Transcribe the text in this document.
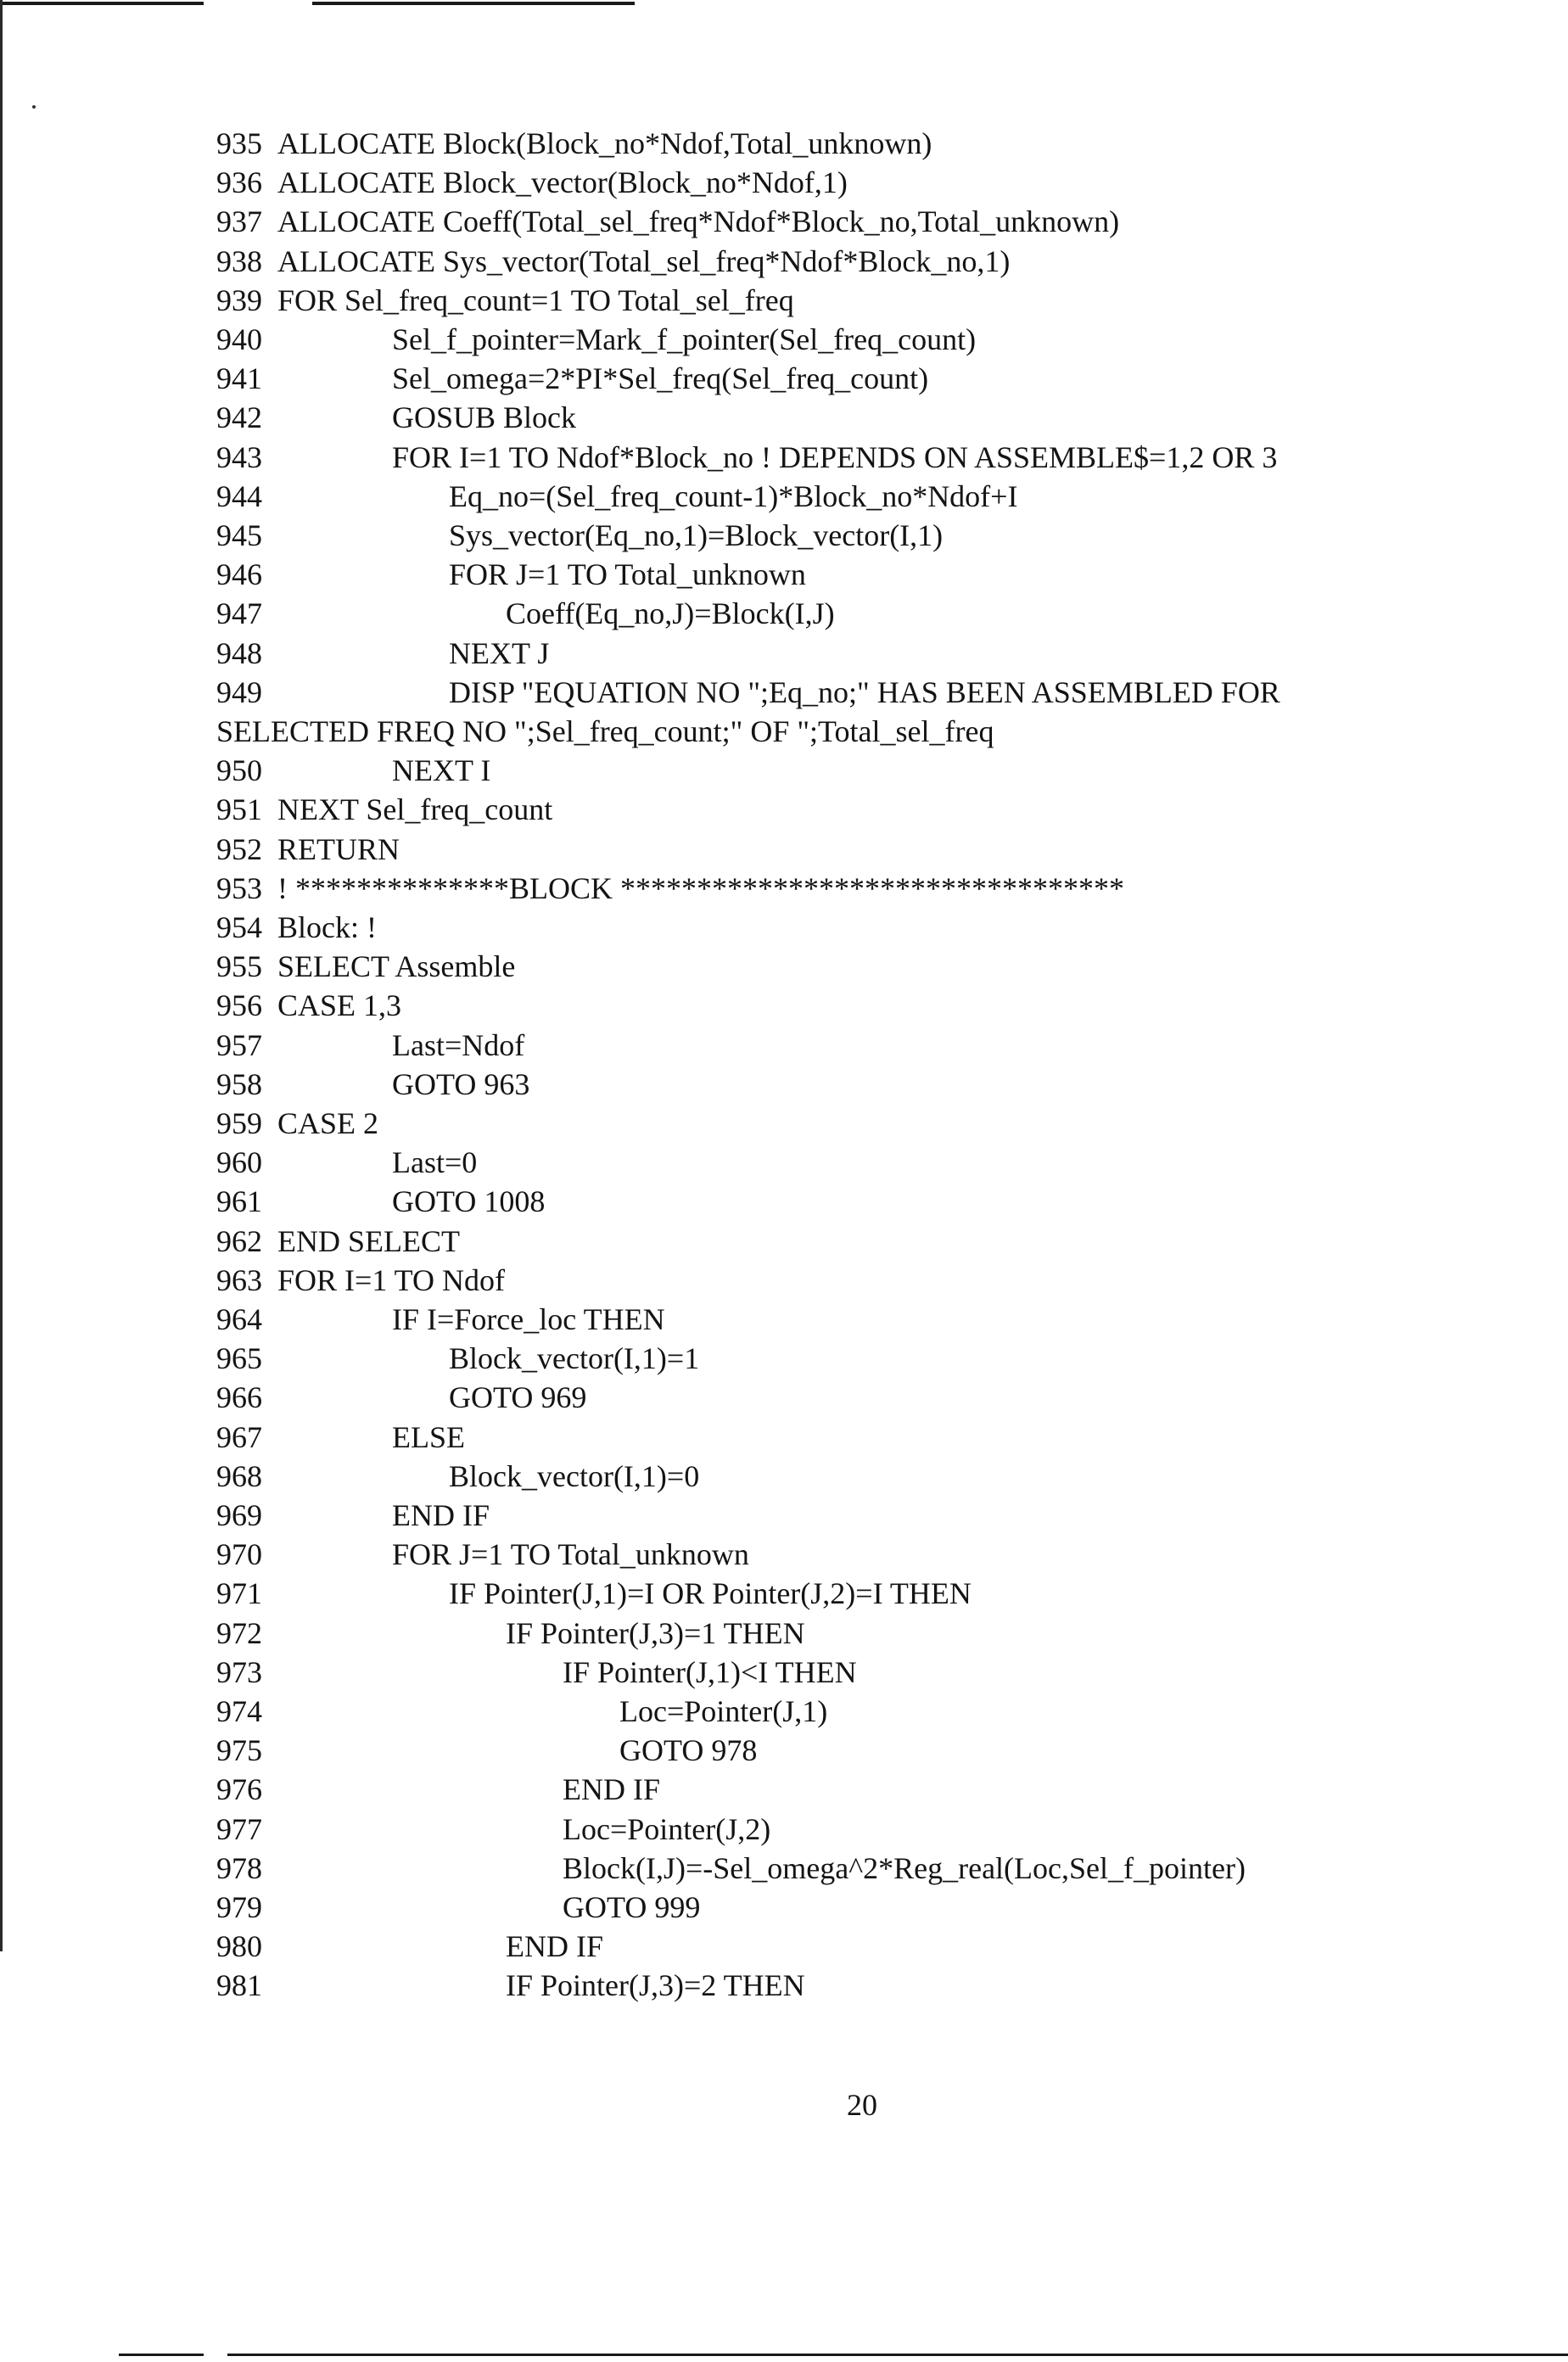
935 ALLOCATE Block(Block_no*Ndof,Total_unknown)
936 ALLOCATE Block_vector(Block_no*Ndof,1)
937 ALLOCATE Coeff(Total_sel_freq*Ndof*Block_no,Total_unknown)
938 ALLOCATE Sys_vector(Total_sel_freq*Ndof*Block_no,1)
939 FOR Sel_freq_count=1 TO Total_sel_freq
940	Sel_f_pointer=Mark_f_pointer(Sel_freq_count)
941	Sel_omega=2*PI*Sel_freq(Sel_freq_count)
942	GOSUB Block
943	FOR I=1 TO Ndof*Block_no ! DEPENDS ON ASSEMBLE$=1,2 OR 3
944	Eq_no=(Sel_freq_count-1)*Block_no*Ndof+I
945	Sys_vector(Eq_no,1)=Block_vector(I,1)
946	FOR J=1 TO Total_unknown
947	Coeff(Eq_no,J)=Block(I,J)
948	NEXT J
949	DISP "EQUATION NO ";Eq_no;" HAS BEEN ASSEMBLED FOR
SELECTED FREQ NO ";Sel_freq_count;" OF ";Total_sel_freq
950	NEXT I
951 NEXT Sel_freq_count
952 RETURN
953 ! **************BLOCK *********************************
954 Block: !
955 SELECT Assemble
956 CASE 1,3
957	Last=Ndof
958	GOTO 963
959 CASE 2
960	Last=0
961	GOTO 1008
962 END SELECT
963 FOR I=1 TO Ndof
964	IF I=Force_loc THEN
965	Block_vector(I,1)=1
966	GOTO 969
967	ELSE
968	Block_vector(I,1)=0
969	END IF
970	FOR J=1 TO Total_unknown
971	IF Pointer(J,1)=I OR Pointer(J,2)=I THEN
972	IF Pointer(J,3)=1 THEN
973	IF Pointer(J,1)<I THEN
974	Loc=Pointer(J,1)
975	GOTO 978
976	END IF
977	Loc=Pointer(J,2)
978	Block(I,J)=-Sel_omega^2*Reg_real(Loc,Sel_f_pointer)
979	GOTO 999
980	END IF
981	IF Pointer(J,3)=2 THEN
20
